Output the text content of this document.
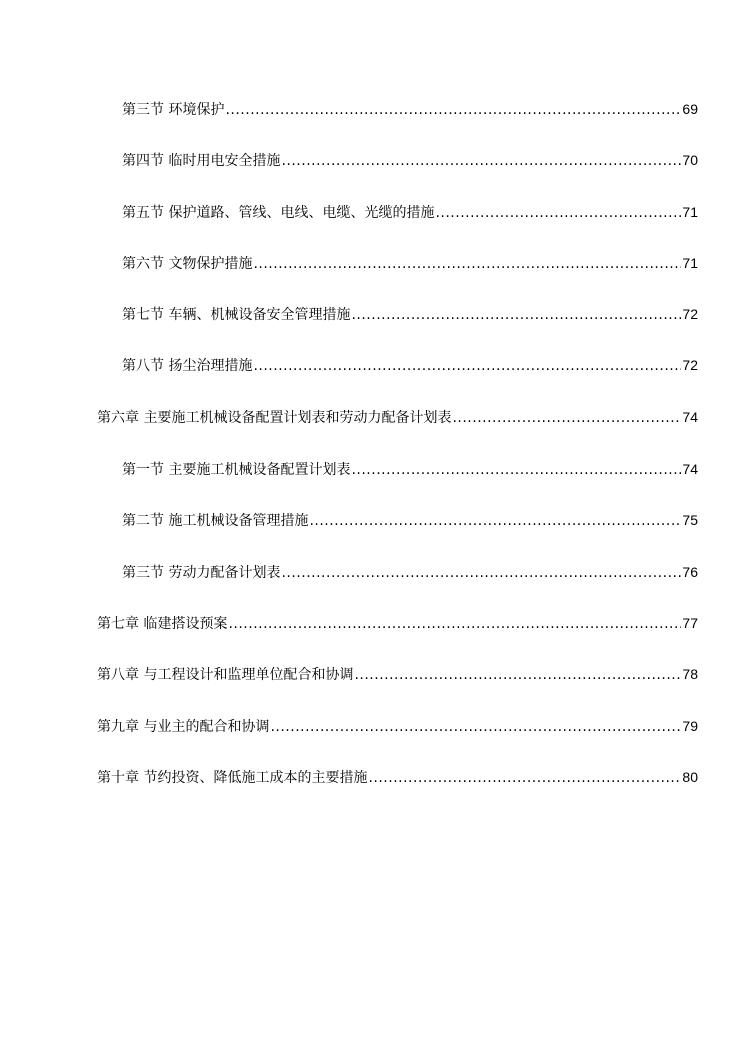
第三节 环境保护 .....	69
第四节 临时用电安全措施 .....	70
第五节 保护道路、管线、电线、电缆、光缆的措施 .....	71
第六节 文物保护措施 .....	71
第七节 车辆、机械设备安全管理措施 .....	72
第八节 扬尘治理措施 .....	72
第六章 主要施工机械设备配置计划表和劳动力配备计划表 .....	74
第一节 主要施工机械设备配置计划表 .....	74
第二节 施工机械设备管理措施 .....	75
第三节 劳动力配备计划表 .....	76
第七章 临建搭设预案 .....	77
第八章 与工程设计和监理单位配合和协调 .....	78
第九章 与业主的配合和协调 .....	79
第十章 节约投资、降低施工成本的主要措施 .....	80
